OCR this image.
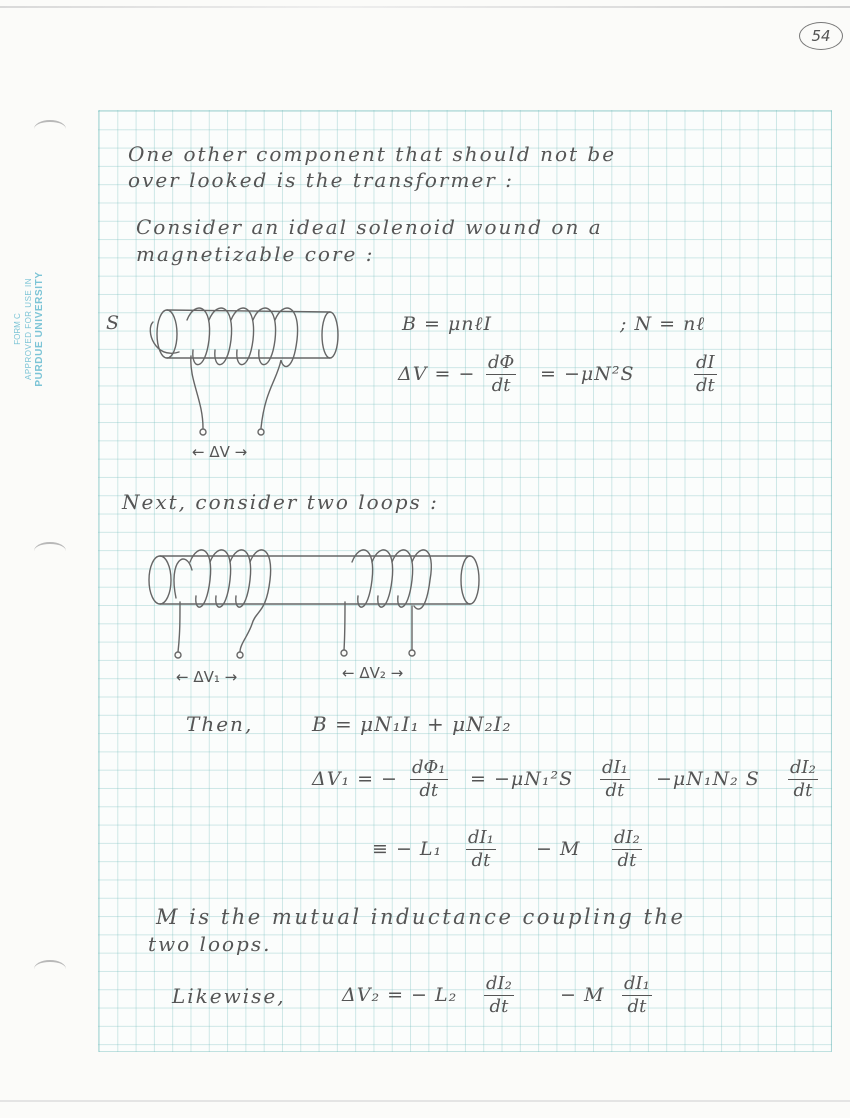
FORM C APPROVED FOR USE IN PURDUE UNIVERSITY
54
One other component that should not be
over looked is the transformer :
Consider an ideal solenoid wound on a
magnetizable core :
S
← ΔV →
B = μnℓI	; N = nℓ
ΔV = − $\frac{d\Phi}{dt} = -\mu N^2S$	$\frac{dI}{dt}$
Next, consider two loops :
← ΔV₁ →	← ΔV₂ →
Then,	B = μN₁I₁ + μN₂I₂
ΔV₁ = − $\frac{\text{dΦ₁}}{dt} = -\mu N_1^2S \frac{\text{dI₁}}{dt} -\mu N_1N_2$ S $\frac{\text{dI₂}}{dt}$
≡ − $L_1 \frac{\text{dI₁}}{dt} - M \frac{\text{dI₂}}{dt}$
M is the mutual inductance coupling the
two loops.
Likewise,	ΔV₂ = − $L_2 \frac{\text{dI₂}}{dt} - M \frac{\text{dI₁}}{dt}$
